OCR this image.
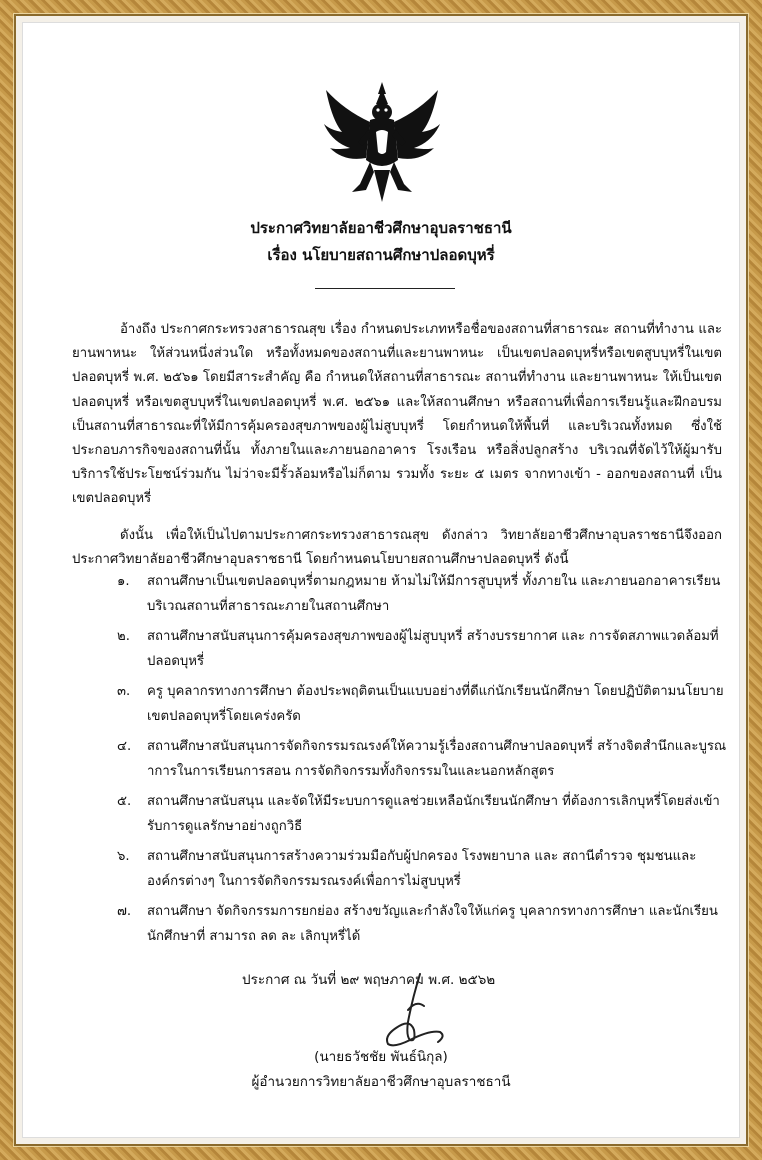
ประกาศวิทยาลัยอาชีวศึกษาอุบลราชธานี
เรื่อง นโยบายสถานศึกษาปลอดบุหรี่
อ้างถึง ประกาศกระทรวงสาธารณสุข เรื่อง กำหนดประเภทหรือชื่อของสถานที่สาธารณะ สถานที่ทำงาน และยานพาหนะ ให้ส่วนหนึ่งส่วนใด หรือทั้งหมดของสถานที่และยานพาหนะ เป็นเขตปลอดบุหรี่หรือเขตสูบบุหรี่ในเขตปลอดบุหรี่ พ.ศ. ๒๕๖๑ โดยมีสาระสำคัญ คือ กำหนดให้สถานที่สาธารณะ สถานที่ทำงาน และยานพาหนะ ให้เป็นเขตปลอดบุหรี่ หรือเขตสูบบุหรี่ในเขตปลอดบุหรี่ พ.ศ. ๒๕๖๑ และให้สถานศึกษา หรือสถานที่เพื่อการเรียนรู้และฝึกอบรม เป็นสถานที่สาธารณะที่ให้มีการคุ้มครองสุขภาพของผู้ไม่สูบบุหรี่ โดยกำหนดให้พื้นที่ และบริเวณทั้งหมด ซึ่งใช้ประกอบภารกิจของสถานที่นั้น ทั้งภายในและภายนอกอาคาร โรงเรือน หรือสิ่งปลูกสร้าง บริเวณที่จัดไว้ให้ผู้มารับบริการใช้ประโยชน์ร่วมกัน ไม่ว่าจะมีรั้วล้อมหรือไม่ก็ตาม รวมทั้ง ระยะ ๕ เมตร จากทางเข้า - ออกของสถานที่ เป็นเขตปลอดบุหรี่
ดังนั้น เพื่อให้เป็นไปตามประกาศกระทรวงสาธารณสุข ดังกล่าว วิทยาลัยอาชีวศึกษาอุบลราชธานีจึงออกประกาศวิทยาลัยอาชีวศึกษาอุบลราชธานี โดยกำหนดนโยบายสถานศึกษาปลอดบุหรี่ ดังนี้
๑. สถานศึกษาเป็นเขตปลอดบุหรี่ตามกฎหมาย ห้ามไม่ให้มีการสูบบุหรี่ ทั้งภายใน และภายนอกอาคารเรียน บริเวณสถานที่สาธารณะภายในสถานศึกษา
๒. สถานศึกษาสนับสนุนการคุ้มครองสุขภาพของผู้ไม่สูบบุหรี่ สร้างบรรยากาศ และ การจัดสภาพแวดล้อมที่ปลอดบุหรี่
๓. ครู บุคลากรทางการศึกษา ต้องประพฤติตนเป็นแบบอย่างที่ดีแก่นักเรียนนักศึกษา โดยปฏิบัติตามนโยบายเขตปลอดบุหรี่โดยเคร่งครัด
๔. สถานศึกษาสนับสนุนการจัดกิจกรรมรณรงค์ให้ความรู้เรื่องสถานศึกษาปลอดบุหรี่ สร้างจิตสำนึกและบูรณาการในการเรียนการสอน การจัดกิจกรรมทั้งกิจกรรมในและนอกหลักสูตร
๕. สถานศึกษาสนับสนุน และจัดให้มีระบบการดูแลช่วยเหลือนักเรียนนักศึกษา ที่ต้องการเลิกบุหรี่โดยส่งเข้ารับการดูแลรักษาอย่างถูกวิธี
๖. สถานศึกษาสนับสนุนการสร้างความร่วมมือกับผู้ปกครอง โรงพยาบาล และ สถานีตำรวจ ชุมชนและ องค์กรต่างๆ ในการจัดกิจกรรมรณรงค์เพื่อการไม่สูบบุหรี่
๗. สถานศึกษา จัดกิจกรรมการยกย่อง สร้างขวัญและกำลังใจให้แก่ครู บุคลากรทางการศึกษา และนักเรียนนักศึกษาที่ สามารถ ลด ละ เลิกบุหรี่ได้
ประกาศ ณ วันที่ ๒๙ พฤษภาคม พ.ศ. ๒๕๖๒
(นายธวัชชัย พันธ์นิกุล)
ผู้อำนวยการวิทยาลัยอาชีวศึกษาอุบลราชธานี
